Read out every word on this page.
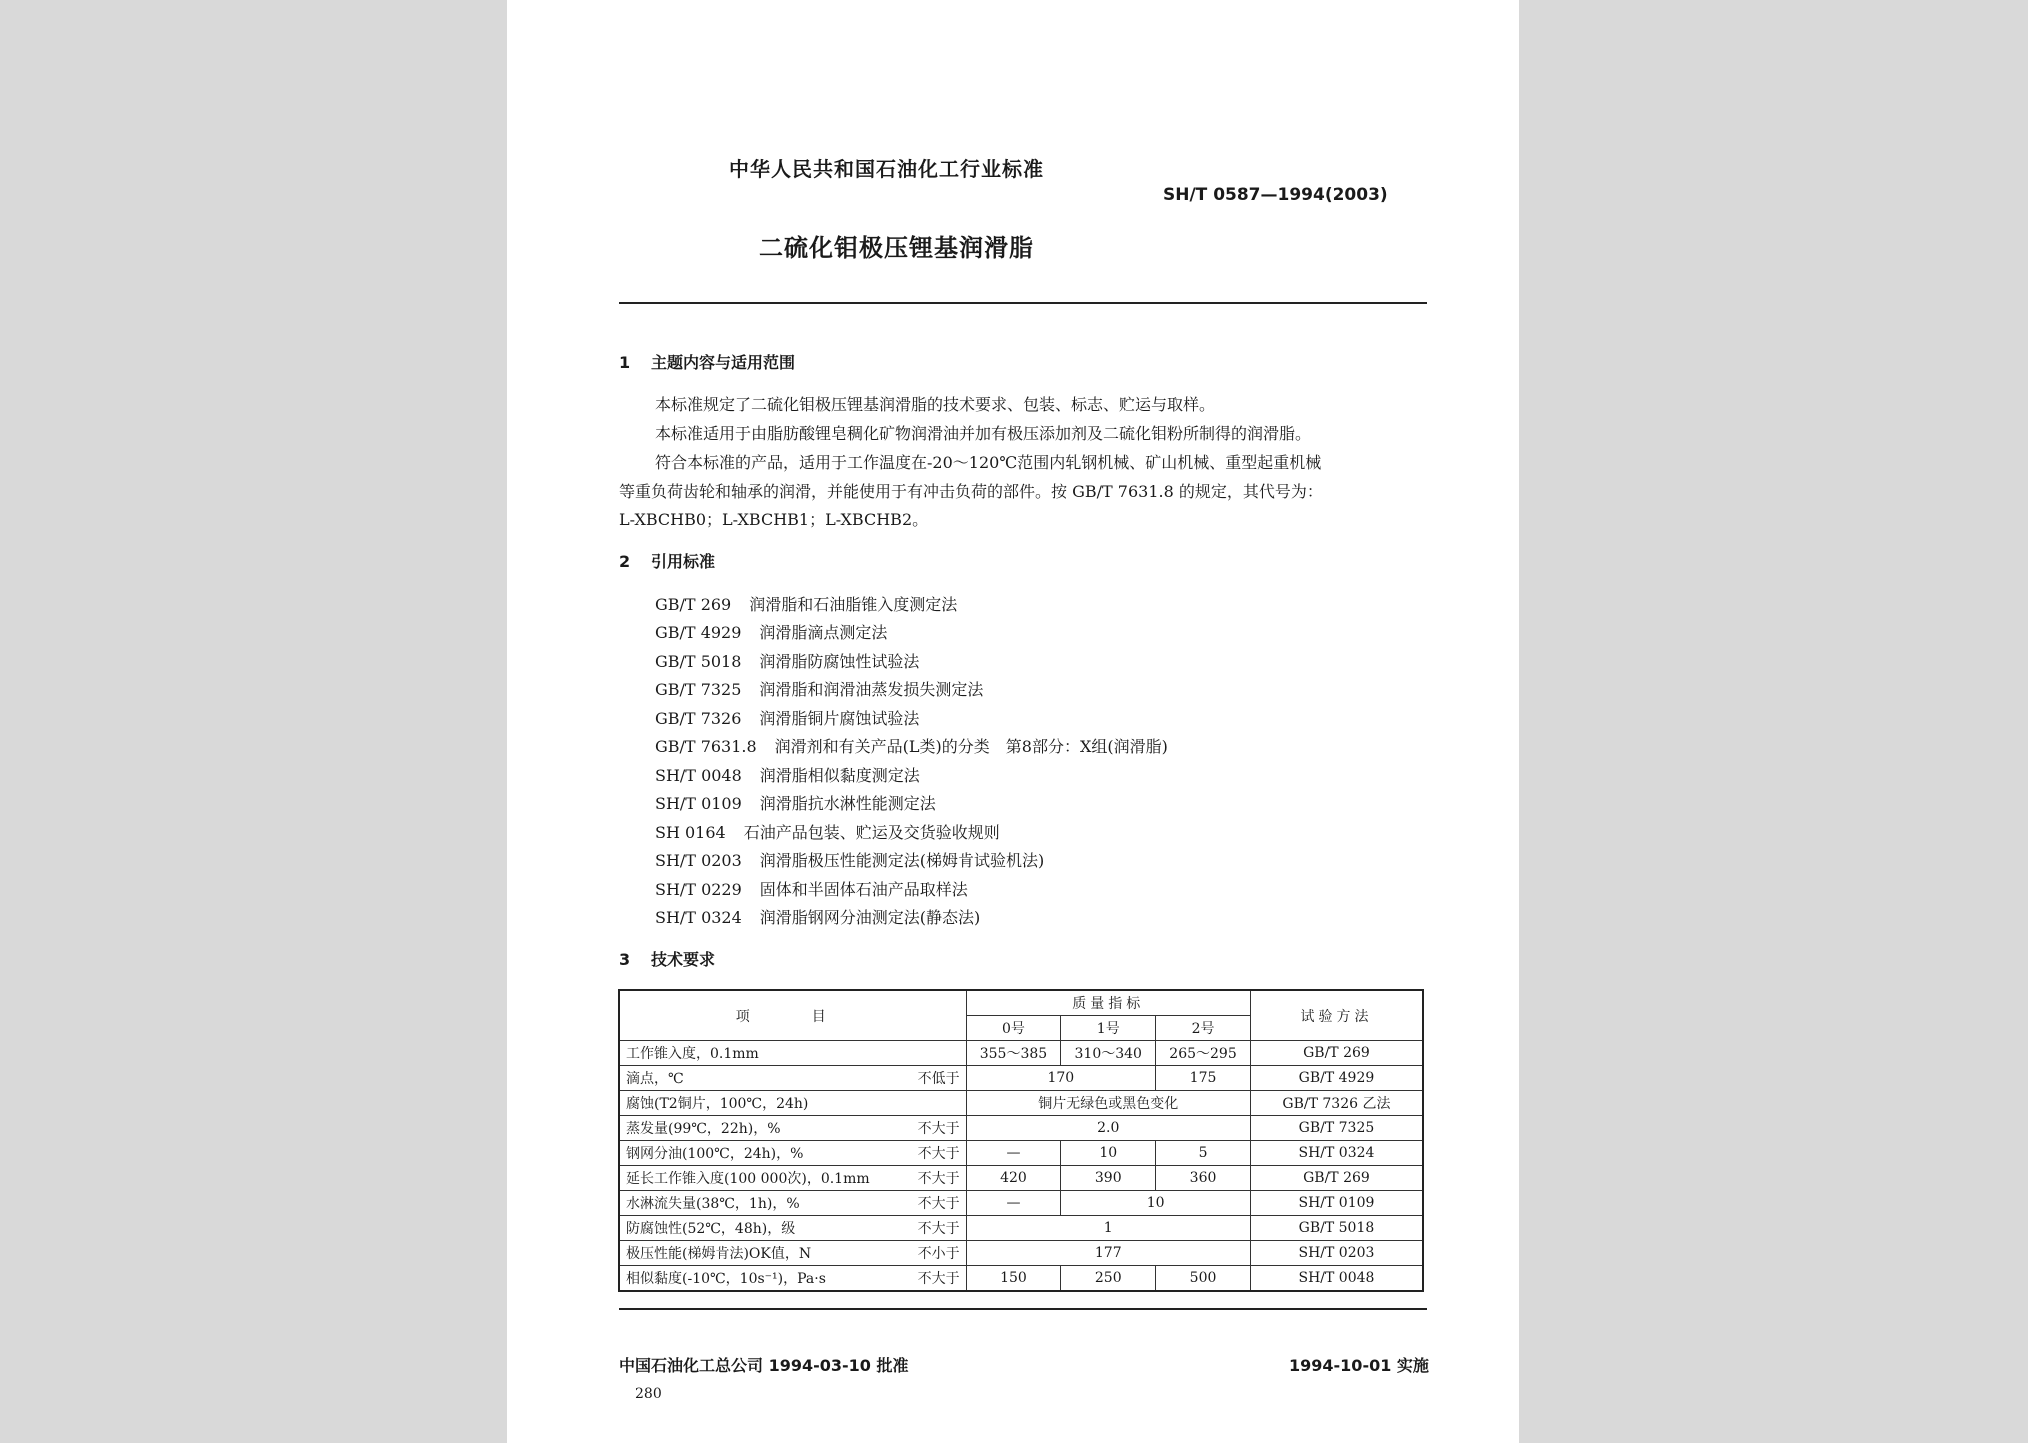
中华人民共和国石油化工行业标准
SH/T 0587—1994(2003)
二硫化钼极压锂基润滑脂
1 主题内容与适用范围
本标准规定了二硫化钼极压锂基润滑脂的技术要求、包装、标志、贮运与取样。
本标准适用于由脂肪酸锂皂稠化矿物润滑油并加有极压添加剂及二硫化钼粉所制得的润滑脂。
符合本标准的产品，适用于工作温度在-20～120℃范围内轧钢机械、矿山机械、重型起重机械
等重负荷齿轮和轴承的润滑，并能使用于有冲击负荷的部件。按 GB/T 7631.8 的规定，其代号为：
L-XBCHB0；L-XBCHB1；L-XBCHB2。
2 引用标准
GB/T 269 润滑脂和石油脂锥入度测定法
GB/T 4929 润滑脂滴点测定法
GB/T 5018 润滑脂防腐蚀性试验法
GB/T 7325 润滑脂和润滑油蒸发损失测定法
GB/T 7326 润滑脂铜片腐蚀试验法
GB/T 7631.8 润滑剂和有关产品(L类)的分类　第8部分：X组(润滑脂)
SH/T 0048 润滑脂相似黏度测定法
SH/T 0109 润滑脂抗水淋性能测定法
SH 0164 石油产品包装、贮运及交货验收规则
SH/T 0203 润滑脂极压性能测定法(梯姆肯试验机法)
SH/T 0229 固体和半固体石油产品取样法
SH/T 0324 润滑脂钢网分油测定法(静态法)
3 技术要求
项　目	质量指标			试验方法
	0号	1号	2号	

工作锥入度，0.1mm	355～385	310～340	265～295	GB/T 269

滴点，℃ 不低于	170		175	GB/T 4929

腐蚀(T2铜片，100℃，24h)	铜片无绿色或黑色变化			GB/T 7326 乙法

蒸发量(99℃，22h)，% 不大于	2.0			GB/T 7325

钢网分油(100℃，24h)，% 不大于	—	10	5	SH/T 0324

延长工作锥入度(100 000次)，0.1mm 不大于	420	390	360	GB/T 269

水淋流失量(38℃，1h)，% 不大于	—	10		SH/T 0109

防腐蚀性(52℃，48h)，级 不大于	1			GB/T 5018

极压性能(梯姆肯法)OK值，N 不小于	177			SH/T 0203

相似黏度(-10℃，10s⁻¹)，Pa·s 不大于	150	250	500	SH/T 0048
中国石油化工总公司 1994-03-10 批准	1994-10-01 实施
280
